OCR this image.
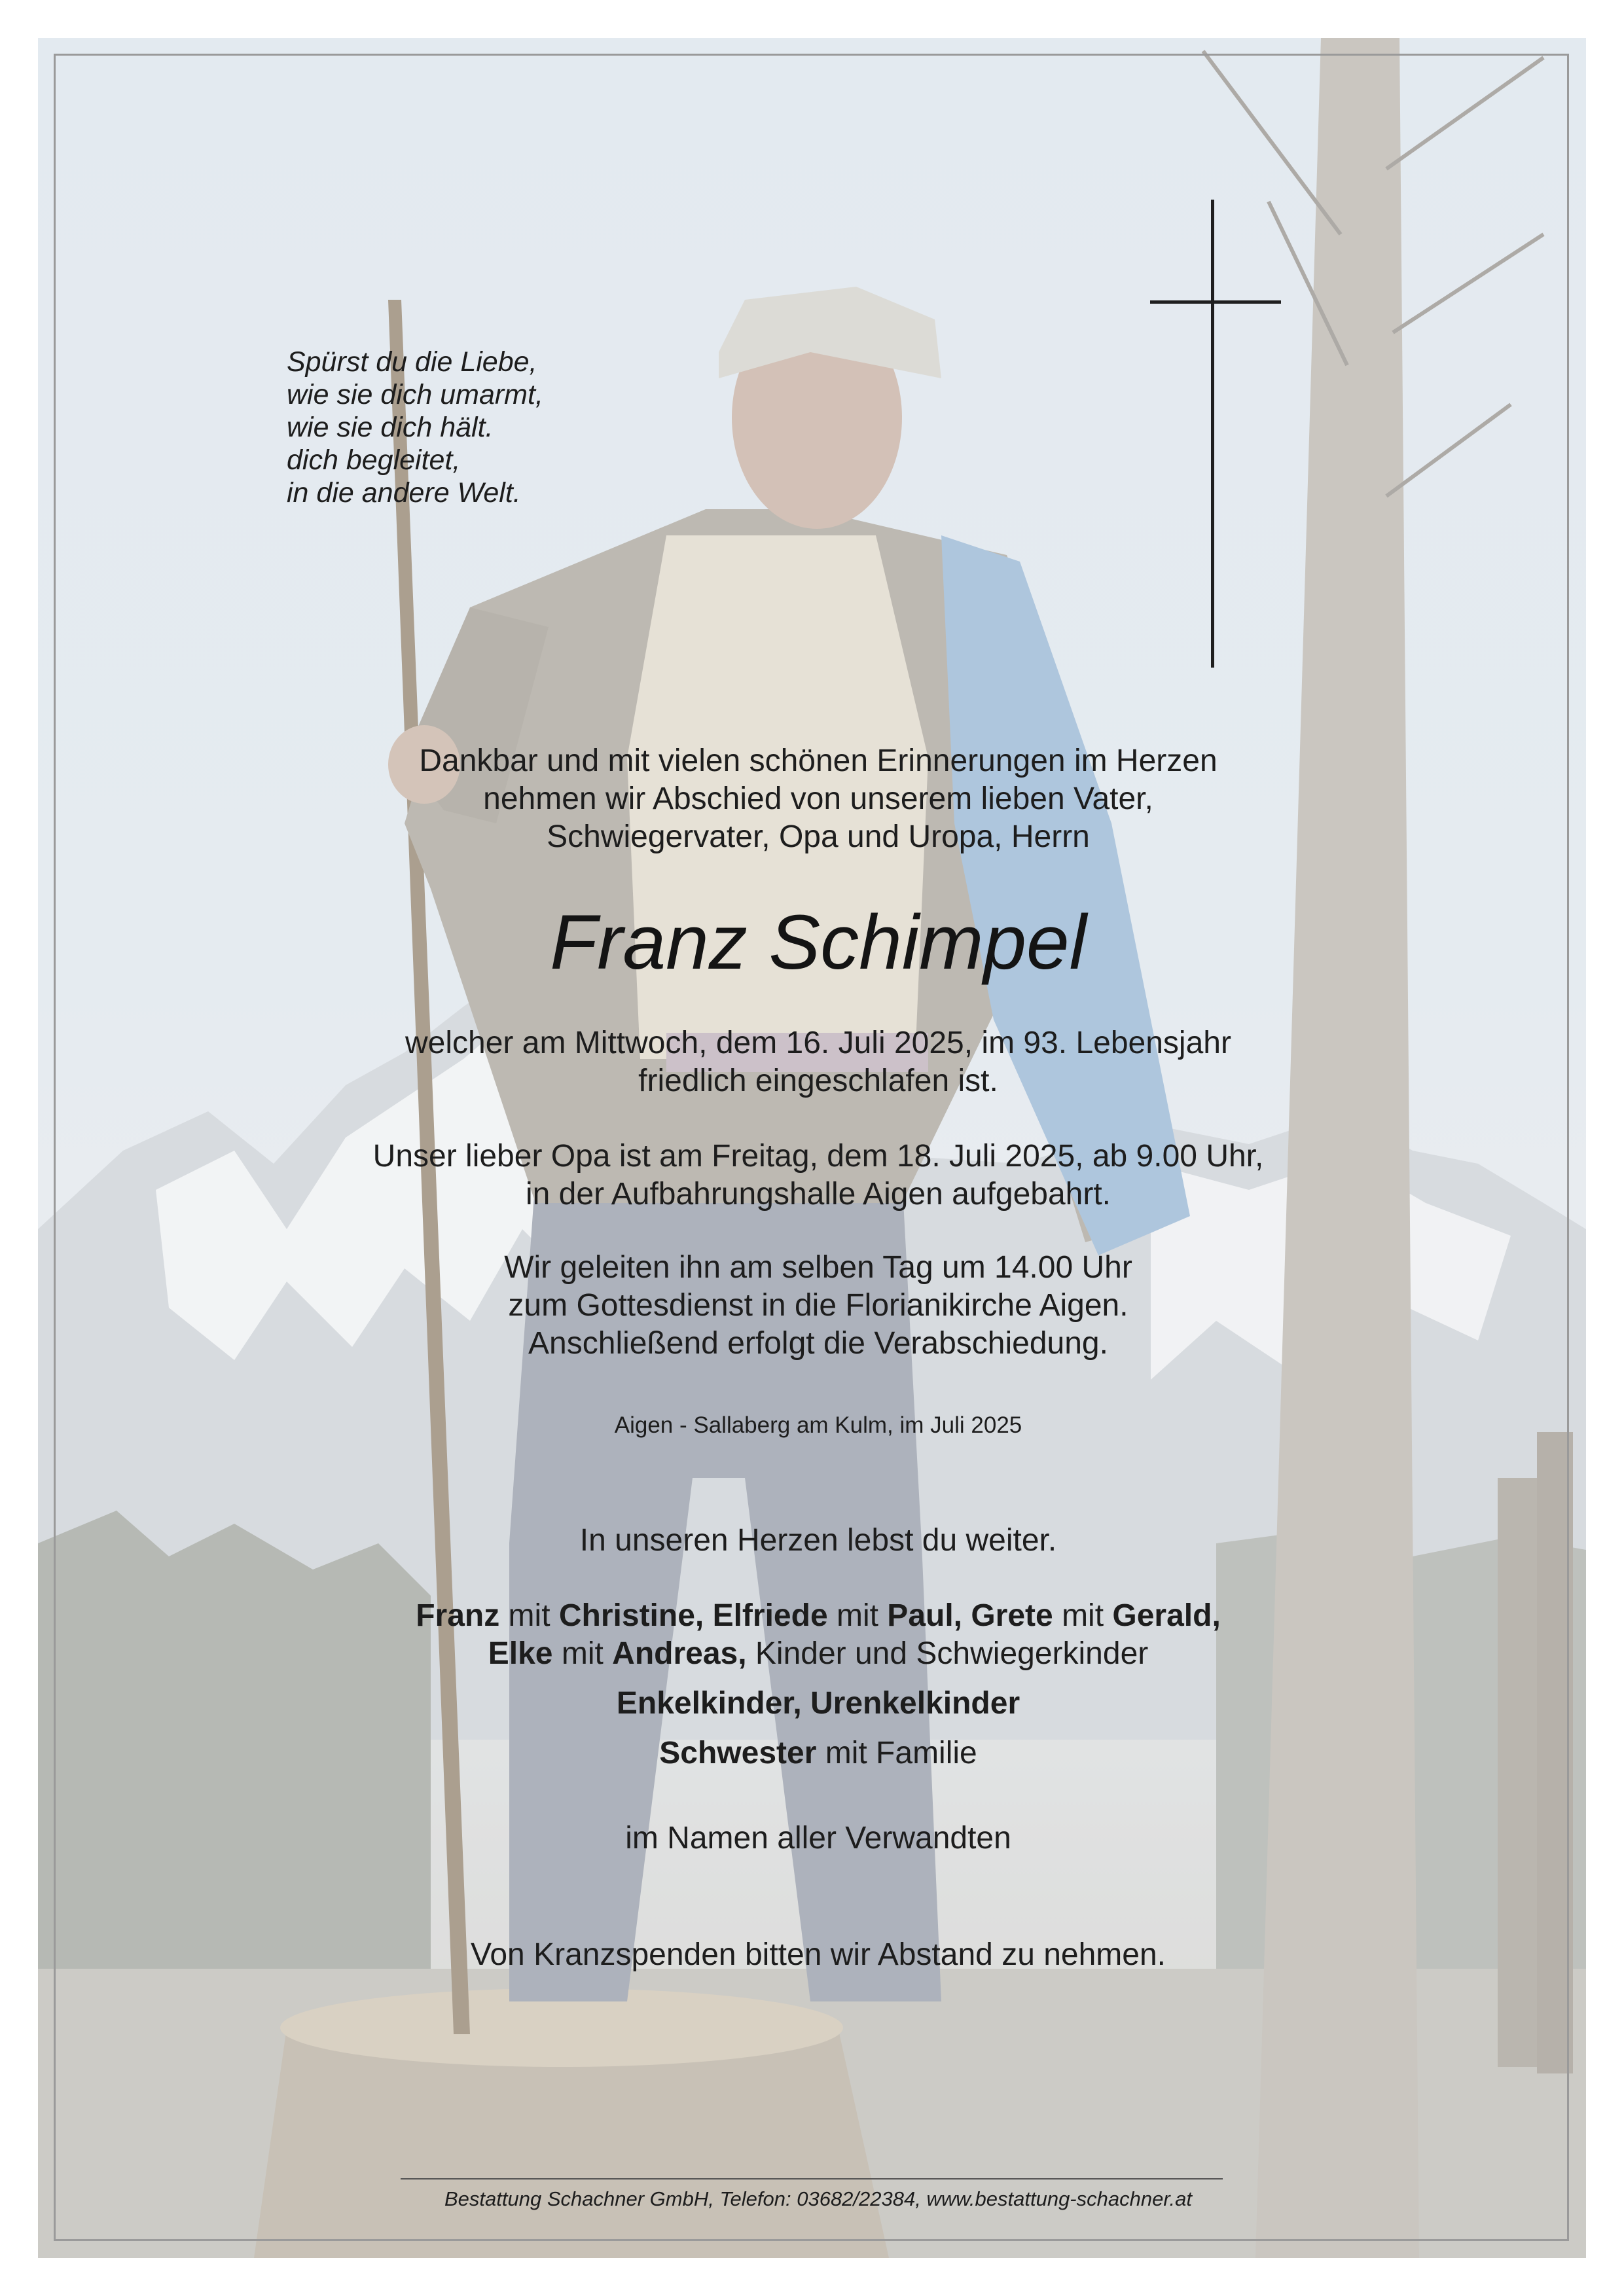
Spürst du die Liebe,
wie sie dich umarmt,
wie sie dich hält.
dich begleitet,
in die andere Welt.
Dankbar und mit vielen schönen Erinnerungen im Herzen
nehmen wir Abschied von unserem lieben Vater,
Schwiegervater, Opa und Uropa, Herrn
Franz Schimpel
welcher am Mittwoch, dem 16. Juli 2025, im 93. Lebensjahr
friedlich eingeschlafen ist.
Unser lieber Opa ist am Freitag, dem 18. Juli 2025, ab 9.00 Uhr,
in der Aufbahrungshalle Aigen aufgebahrt.
Wir geleiten ihn am selben Tag um 14.00 Uhr
zum Gottesdienst in die Florianikirche Aigen.
Anschließend erfolgt die Verabschiedung.
Aigen - Sallaberg am Kulm, im Juli 2025
In unseren Herzen lebst du weiter.
Franz mit Christine, Elfriede mit Paul, Grete mit Gerald,
Elke mit Andreas, Kinder und Schwiegerkinder
Enkelkinder, Urenkelkinder
Schwester mit Familie
im Namen aller Verwandten
Von Kranzspenden bitten wir Abstand zu nehmen.
Bestattung Schachner GmbH, Telefon: 03682/22384, www.bestattung-schachner.at
